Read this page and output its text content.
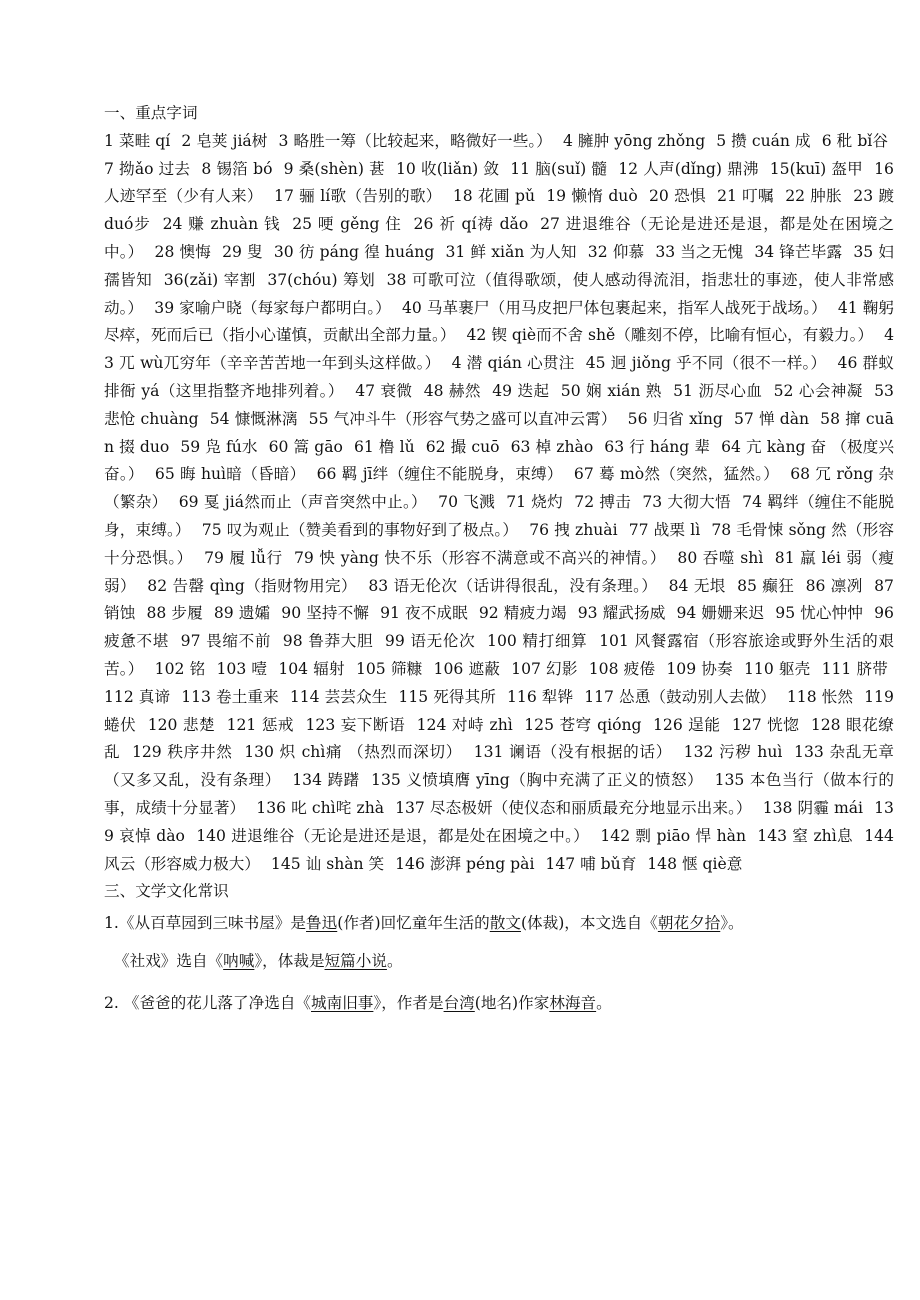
一、重点字词

1 菜畦 qí 2 皂荚 jiá树 3 略胜一筹（比较起来，略微好一些。） 4 臃肿 yōng zhǒng 5 攒 cuán 成 6 秕 bǐ谷 7 拗ǎo 过去 8 锡箔 bó 9 桑(shèn) 葚 10 收(liǎn) 敛 11 脑(suǐ) 髓 12 人声(dǐng) 鼎沸 15(kuī) 盔甲 16 人迹罕至（少有人来） 17 骊 lí歌（告别的歌） 18 花圃 pǔ 19 懒惰 duò 20 恐惧 21 叮嘱 22 肿胀 23 踱 duó步 24 赚 zhuàn 钱 25 哽 gěng 住 26 祈 qí祷 dǎo 27 进退维谷（无论是进还是退，都是处在困境之中。） 28 懊悔 29 叟 30 彷 páng 徨 huáng 31 鲜 xiǎn 为人知 32 仰慕 33 当之无愧 34 锋芒毕露 35 妇孺皆知 36(zǎi) 宰割 37(chóu) 筹划 38 可歌可泣（值得歌颂，使人感动得流泪，指悲壮的事迹，使人非常感动。） 39 家喻户晓（每家每户都明白。） 40 马革裹尸（用马皮把尸体包裹起来，指军人战死于战场。） 41 鞠躬尽瘁，死而后已（指小心谨慎，贡献出全部力量。） 42 锲 qiè而不舍 shě（雕刻不停，比喻有恒心，有毅力。） 43 兀 wù兀穷年（辛辛苦苦地一年到头这样做。） 4 潜 qián 心贯注 45 迥 jiǒng 乎不同（很不一样。） 46 群蚁排衙 yá（这里指整齐地排列着。） 47 衰微 48 赫然 49 迭起 50 娴 xián 熟 51 沥尽心血 52 心会神凝 53 悲怆 chuàng 54 慷慨淋漓 55 气冲斗牛（形容气势之盛可以直冲云霄） 56 归省 xǐng 57 惮 dàn 58 撺 cuān 掇 duo 59 凫 fú水 60 篙 gāo 61 橹 lǔ 62 撮 cuō 63 棹 zhào 63 行 háng 辈 64 亢 kàng 奋 （极度兴奋。） 65 晦 huì暗（昏暗） 66 羁 jī绊（缠住不能脱身，束缚） 67 蓦 mò然（突然，猛然。） 68 冗 rǒng 杂（繁杂） 69 戛 jiá然而止（声音突然中止。） 70 飞溅 71 烧灼 72 搏击 73 大彻大悟 74 羁绊（缠住不能脱身，束缚。） 75 叹为观止（赞美看到的事物好到了极点。） 76 拽 zhuài 77 战栗 lì 78 毛骨悚 sǒng 然（形容十分恐惧。） 79 履 lǚ行 79 怏 yàng 快不乐（形容不满意或不高兴的神情。） 80 吞噬 shì 81 羸 léi 弱（瘦弱） 82 告罄 qìng（指财物用完） 83 语无伦次（话讲得很乱，没有条理。） 84 无垠 85 癫狂 86 凛冽 87 销蚀 88 步履 89 遗孀 90 坚持不懈 91 夜不成眠 92 精疲力竭 93 耀武扬威 94 姗姗来迟 95 忧心忡忡 96 疲惫不堪 97 畏缩不前 98 鲁莽大胆 99 语无伦次 100 精打细算 101 风餐露宿（形容旅途或野外生活的艰苦。） 102 铭 103 噎 104 辐射 105 筛糠 106 遮蔽 107 幻影 108 疲倦 109 协奏 110 躯壳 111 脐带 112 真谛 113 卷土重来 114 芸芸众生 115 死得其所 116 犁铧 117 怂恿（鼓动别人去做） 118 怅然 119 蜷伏 120 悲楚 121 惩戒 123 妄下断语 124 对峙 zhì 125 苍穹 qióng 126 逞能 127 恍惚 128 眼花缭乱 129 秩序井然 130 炽 chì痛 （热烈而深切） 131 谰语（没有根据的话） 132 污秽 huì 133 杂乱无章（又多又乱，没有条理） 134 踌躇 135 义愤填膺 yīng（胸中充满了正义的愤怒） 135 本色当行（做本行的事，成绩十分显著） 136 叱 chì咤 zhà 137 尽态极妍（使仪态和丽质最充分地显示出来。） 138 阴霾 mái 139 哀悼 dào 140 进退维谷（无论是进还是退，都是处在困境之中。） 142 剽 piāo 悍 hàn 143 窒 zhì息 144 风云（形容威力极大） 145 讪 shàn 笑 146 澎湃 péng pài 147 哺 bǔ育 148 惬 qiè意

三、文学文化常识

1.《从百草园到三味书屋》是鲁迅(作者)回忆童年生活的散文(体裁)，本文选自《朝花夕拾》。

《社戏》选自《呐喊》，体裁是短篇小说。

2. 《爸爸的花儿落了净选自《城南旧事》，作者是台湾(地名)作家林海音。
